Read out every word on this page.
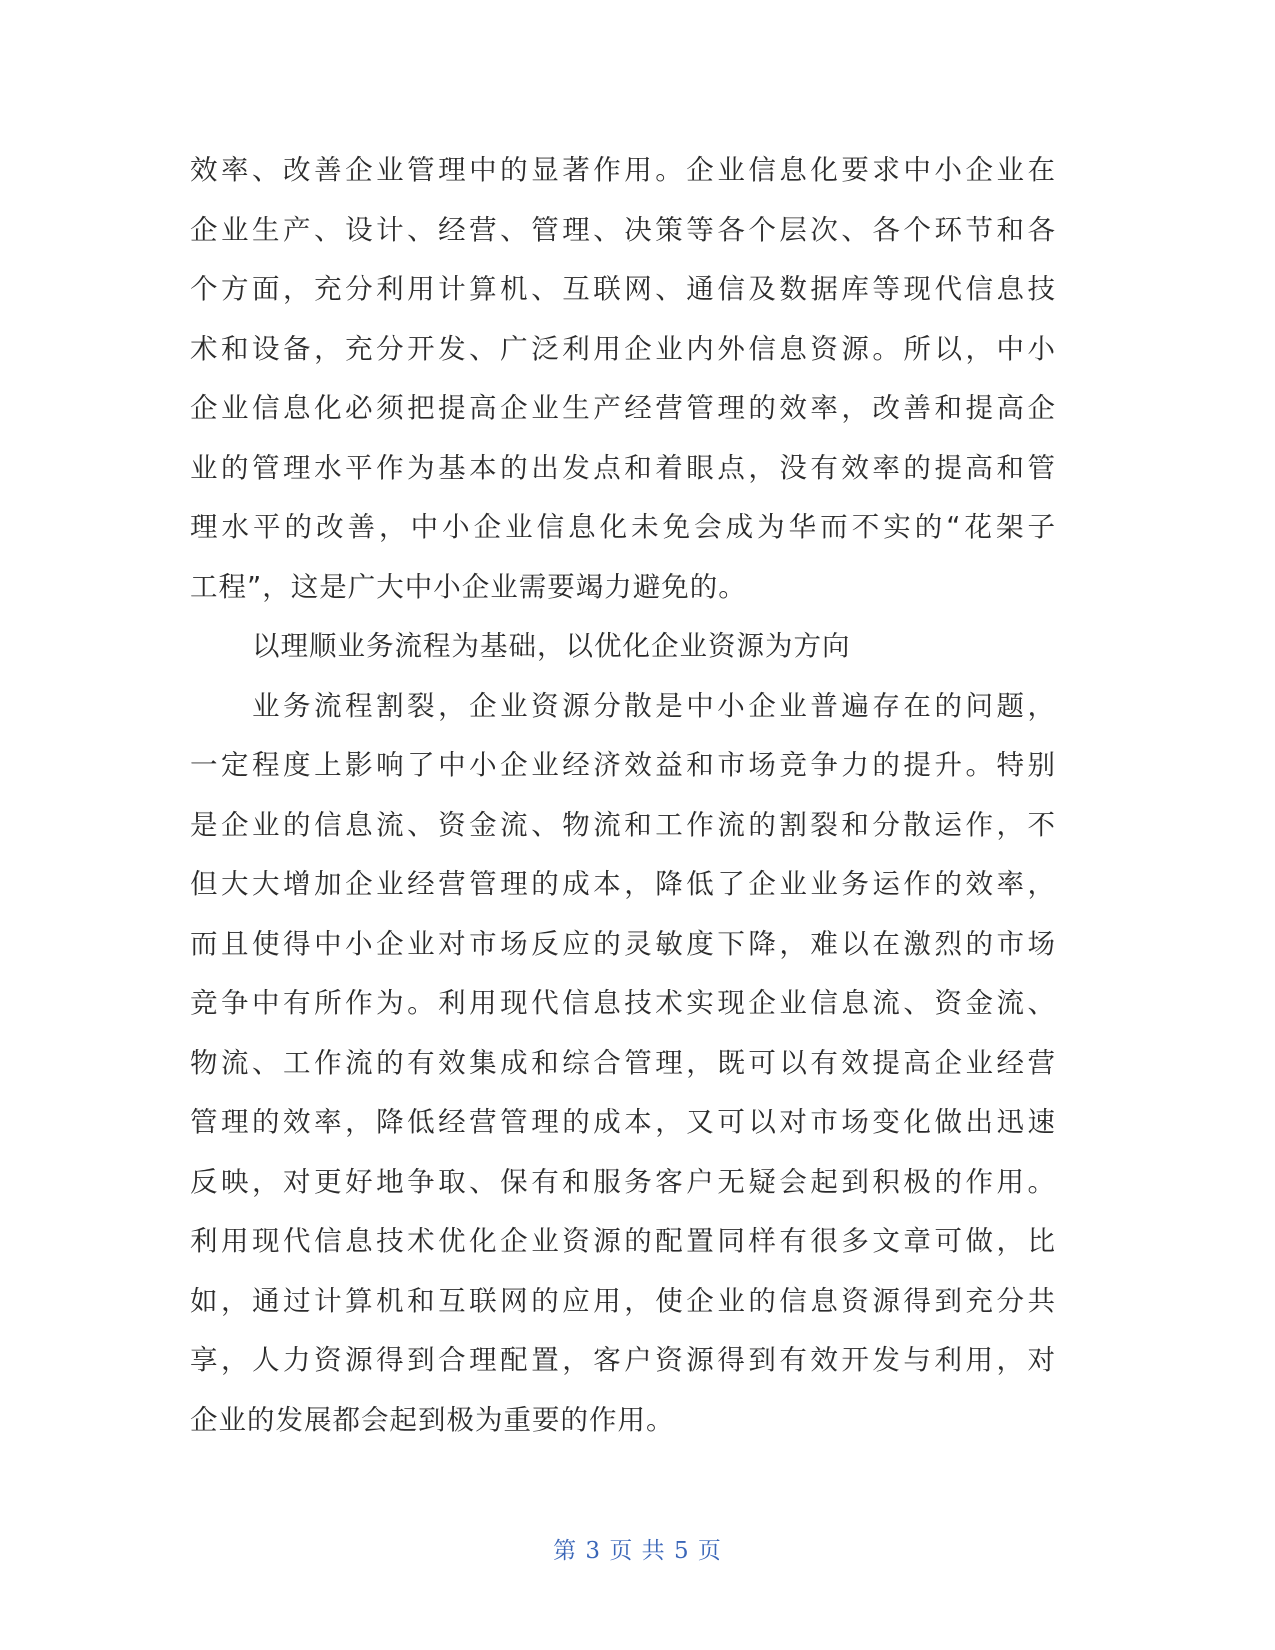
效率、改善企业管理中的显著作用。企业信息化要求中小企业在
企业生产、设计、经营、管理、决策等各个层次、各个环节和各
个方面，充分利用计算机、互联网、通信及数据库等现代信息技
术和设备，充分开发、广泛利用企业内外信息资源。所以，中小
企业信息化必须把提高企业生产经营管理的效率，改善和提高企
业的管理水平作为基本的出发点和着眼点，没有效率的提高和管
理水平的改善，中小企业信息化未免会成为华而不实的“花架子
工程”，这是广大中小企业需要竭力避免的。
以理顺业务流程为基础，以优化企业资源为方向
业务流程割裂，企业资源分散是中小企业普遍存在的问题，
一定程度上影响了中小企业经济效益和市场竞争力的提升。特别
是企业的信息流、资金流、物流和工作流的割裂和分散运作，不
但大大增加企业经营管理的成本，降低了企业业务运作的效率，
而且使得中小企业对市场反应的灵敏度下降，难以在激烈的市场
竞争中有所作为。利用现代信息技术实现企业信息流、资金流、
物流、工作流的有效集成和综合管理，既可以有效提高企业经营
管理的效率，降低经营管理的成本，又可以对市场变化做出迅速
反映，对更好地争取、保有和服务客户无疑会起到积极的作用。
利用现代信息技术优化企业资源的配置同样有很多文章可做，比
如，通过计算机和互联网的应用，使企业的信息资源得到充分共
享，人力资源得到合理配置，客户资源得到有效开发与利用，对
企业的发展都会起到极为重要的作用。
第 3 页 共 5 页
